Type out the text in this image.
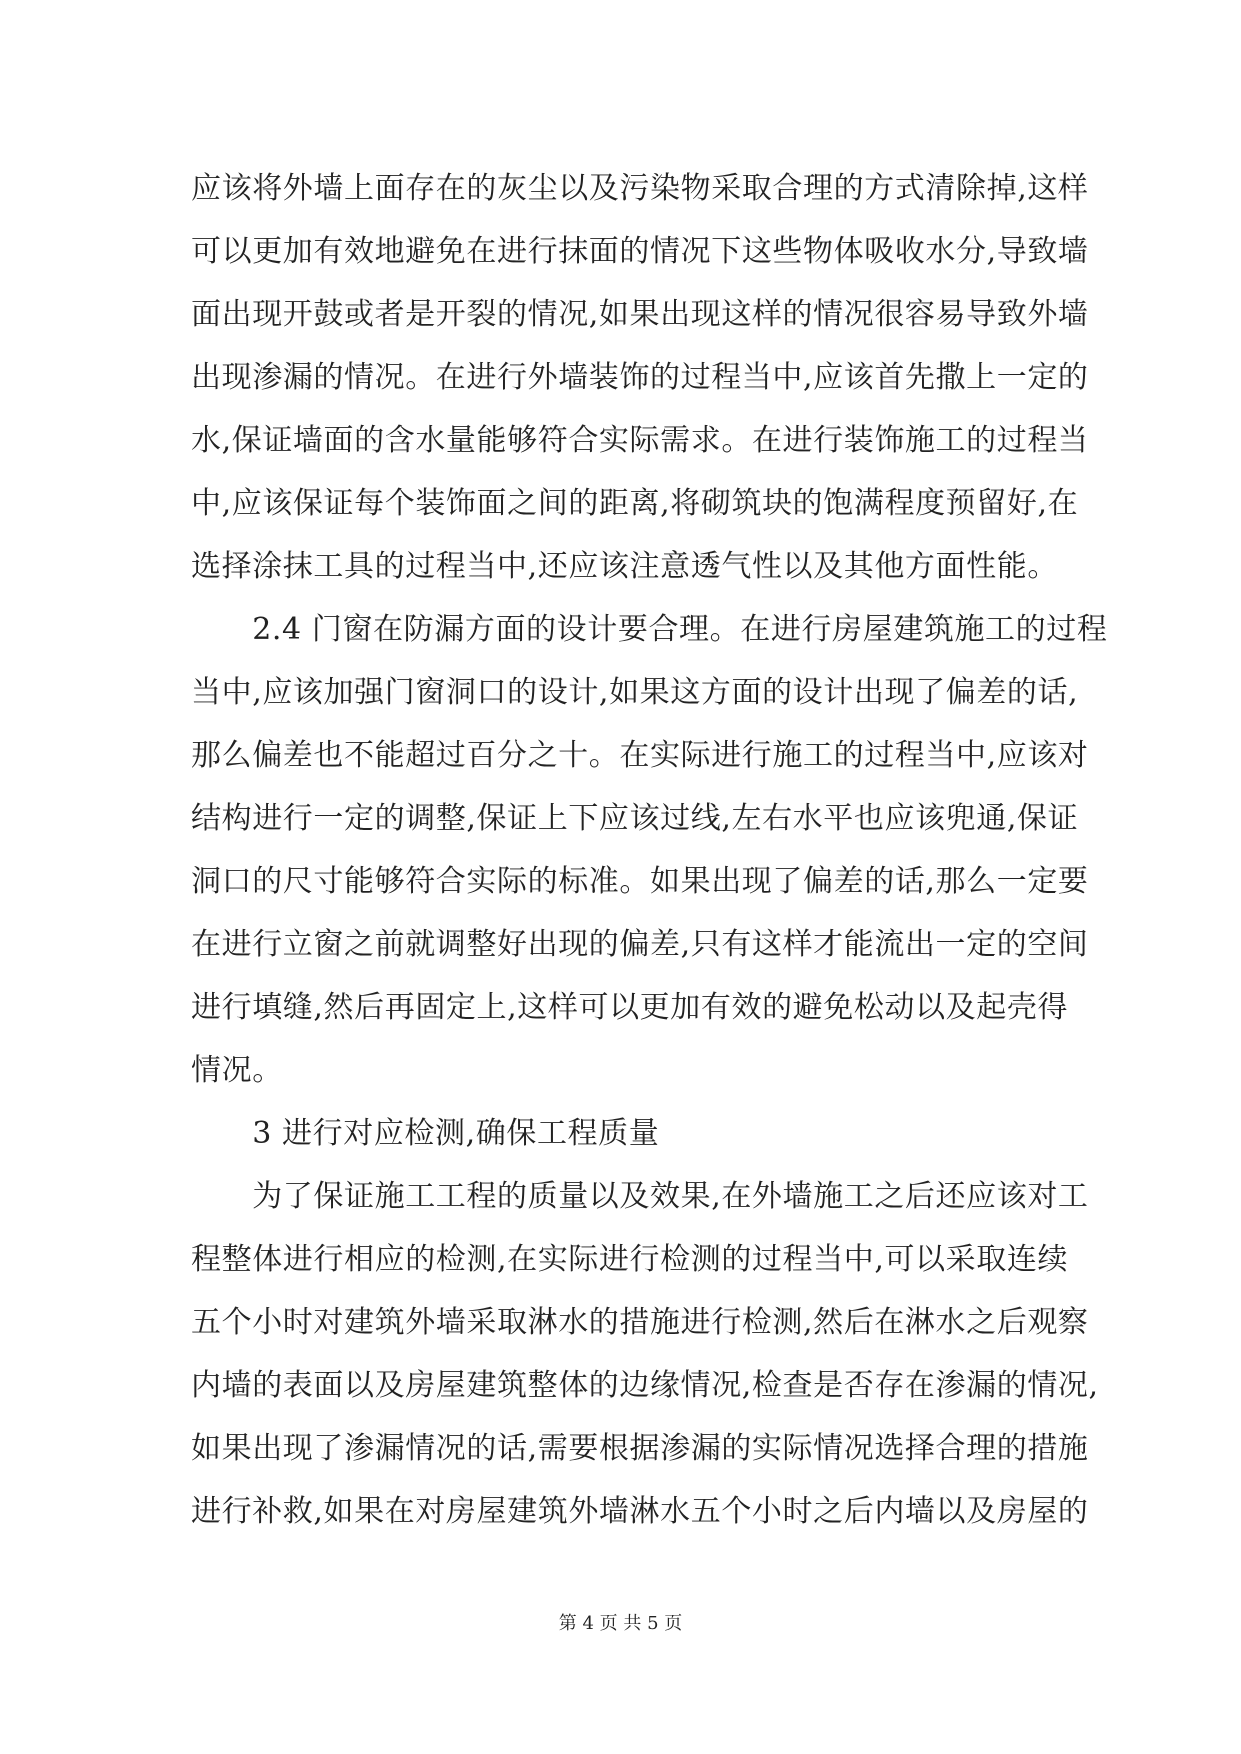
应该将外墙上面存在的灰尘以及污染物采取合理的方式清除掉,这样

可以更加有效地避免在进行抹面的情况下这些物体吸收水分,导致墙

面出现开鼓或者是开裂的情况,如果出现这样的情况很容易导致外墙

出现渗漏的情况。在进行外墙装饰的过程当中,应该首先撒上一定的

水,保证墙面的含水量能够符合实际需求。在进行装饰施工的过程当

中,应该保证每个装饰面之间的距离,将砌筑块的饱满程度预留好,在

选择涂抹工具的过程当中,还应该注意透气性以及其他方面性能。

　　2.4 门窗在防漏方面的设计要合理。在进行房屋建筑施工的过程

当中,应该加强门窗洞口的设计,如果这方面的设计出现了偏差的话,

那么偏差也不能超过百分之十。在实际进行施工的过程当中,应该对

结构进行一定的调整,保证上下应该过线,左右水平也应该兜通,保证

洞口的尺寸能够符合实际的标准。如果出现了偏差的话,那么一定要

在进行立窗之前就调整好出现的偏差,只有这样才能流出一定的空间

进行填缝,然后再固定上,这样可以更加有效的避免松动以及起壳得

情况。

　　3 进行对应检测,确保工程质量

　　为了保证施工工程的质量以及效果,在外墙施工之后还应该对工

程整体进行相应的检测,在实际进行检测的过程当中,可以采取连续

五个小时对建筑外墙采取淋水的措施进行检测,然后在淋水之后观察

内墙的表面以及房屋建筑整体的边缘情况,检查是否存在渗漏的情况,

如果出现了渗漏情况的话,需要根据渗漏的实际情况选择合理的措施

进行补救,如果在对房屋建筑外墙淋水五个小时之后内墙以及房屋的

第 4 页 共 5 页
